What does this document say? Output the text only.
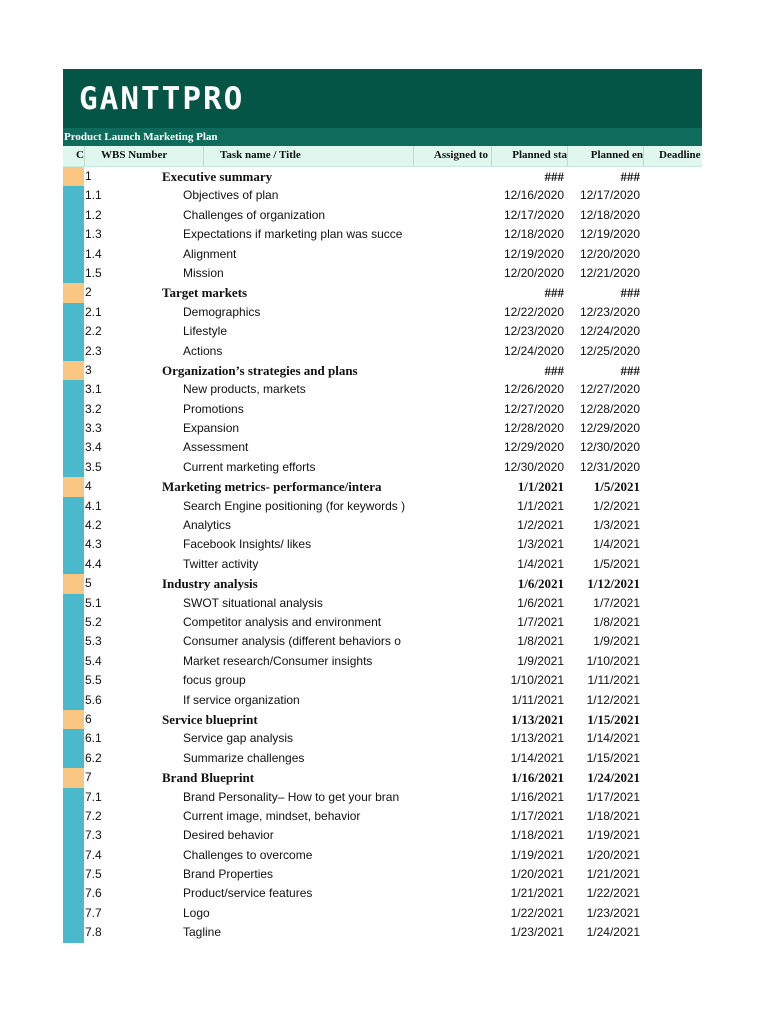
GANTTPRO
Product Launch Marketing Plan
C	WBS Number	Task name / Title	Assigned to	Planned sta	Planned en	Deadline
1	Executive summary	###	###
1.1	Objectives of plan	12/16/2020 12/17/2020
1.2	Challenges of organization	12/17/2020 12/18/2020
1.3	Expectations if marketing plan was succe	12/18/2020 12/19/2020
1.4	Alignment	12/19/2020 12/20/2020
1.5	Mission	12/20/2020 12/21/2020
2	Target markets	###	###
2.1	Demographics	12/22/2020 12/23/2020
2.2	Lifestyle	12/23/2020 12/24/2020
2.3	Actions	12/24/2020 12/25/2020
3	Organization’s strategies and plans	###	###
3.1	New products, markets	12/26/2020 12/27/2020
3.2	Promotions	12/27/2020 12/28/2020
3.3	Expansion	12/28/2020 12/29/2020
3.4	Assessment	12/29/2020 12/30/2020
3.5	Current marketing efforts	12/30/2020 12/31/2020
4	Marketing metrics- performance/intera	1/1/2021 1/5/2021
4.1	Search Engine positioning (for keywords )	1/1/2021 1/2/2021
4.2	Analytics	1/2/2021 1/3/2021
4.3	Facebook Insights/ likes	1/3/2021 1/4/2021
4.4	Twitter activity	1/4/2021 1/5/2021
5	Industry analysis	1/6/2021 1/12/2021
5.1	SWOT situational analysis	1/6/2021 1/7/2021
5.2	Competitor analysis and environment	1/7/2021 1/8/2021
5.3	Consumer analysis (different behaviors o	1/8/2021 1/9/2021
5.4	Market research/Consumer insights	1/9/2021 1/10/2021
5.5	focus group	1/10/2021 1/11/2021
5.6	If service organization	1/11/2021 1/12/2021
6	Service blueprint	1/13/2021 1/15/2021
6.1	Service gap analysis	1/13/2021 1/14/2021
6.2	Summarize challenges	1/14/2021 1/15/2021
7	Brand Blueprint	1/16/2021 1/24/2021
7.1	Brand Personality– How to get your bran	1/16/2021 1/17/2021
7.2	Current image, mindset, behavior	1/17/2021 1/18/2021
7.3	Desired behavior	1/18/2021 1/19/2021
7.4	Challenges to overcome	1/19/2021 1/20/2021
7.5	Brand Properties	1/20/2021 1/21/2021
7.6	Product/service features	1/21/2021 1/22/2021
7.7	Logo	1/22/2021 1/23/2021
7.8	Tagline	1/23/2021 1/24/2021
